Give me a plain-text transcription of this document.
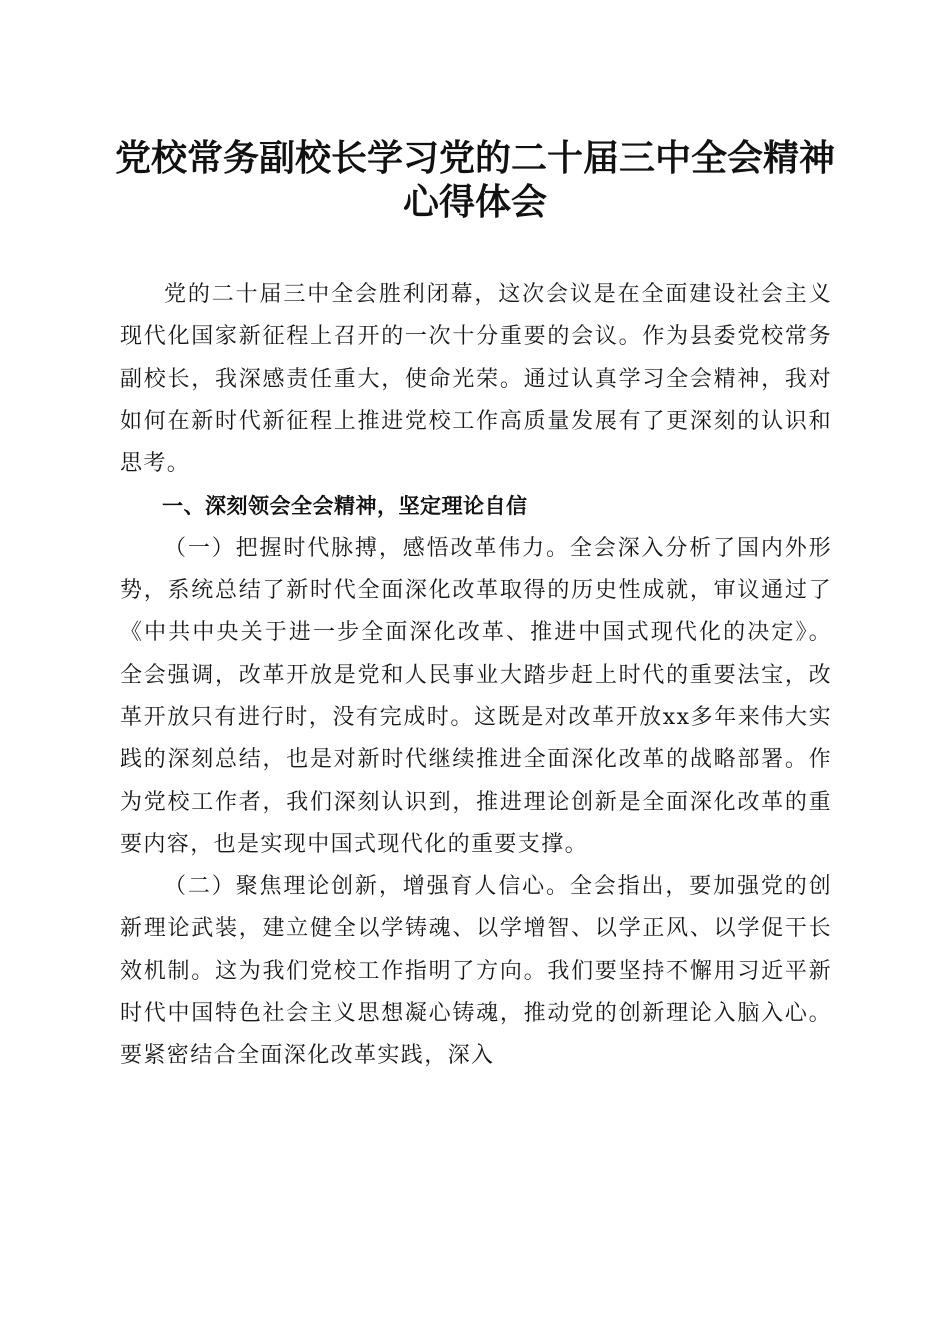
党校常务副校长学习党的二十届三中全会精神
心得体会

党的二十届三中全会胜利闭幕，这次会议是在全面建设社会主义现代化国家新征程上召开的一次十分重要的会议。作为县委党校常务副校长，我深感责任重大，使命光荣。通过认真学习全会精神，我对如何在新时代新征程上推进党校工作高质量发展有了更深刻的认识和思考。

一、深刻领会全会精神，坚定理论自信

（一）把握时代脉搏，感悟改革伟力。全会深入分析了国内外形势，系统总结了新时代全面深化改革取得的历史性成就，审议通过了《中共中央关于进一步全面深化改革、推进中国式现代化的决定》。全会强调，改革开放是党和人民事业大踏步赶上时代的重要法宝，改革开放只有进行时，没有完成时。这既是对改革开放xx多年来伟大实践的深刻总结，也是对新时代继续推进全面深化改革的战略部署。作为党校工作者，我们深刻认识到，推进理论创新是全面深化改革的重要内容，也是实现中国式现代化的重要支撑。

（二）聚焦理论创新，增强育人信心。全会指出，要加强党的创新理论武装，建立健全以学铸魂、以学增智、以学正风、以学促干长效机制。这为我们党校工作指明了方向。我们要坚持不懈用习近平新时代中国特色社会主义思想凝心铸魂，推动党的创新理论入脑入心。要紧密结合全面深化改革实践，深入
